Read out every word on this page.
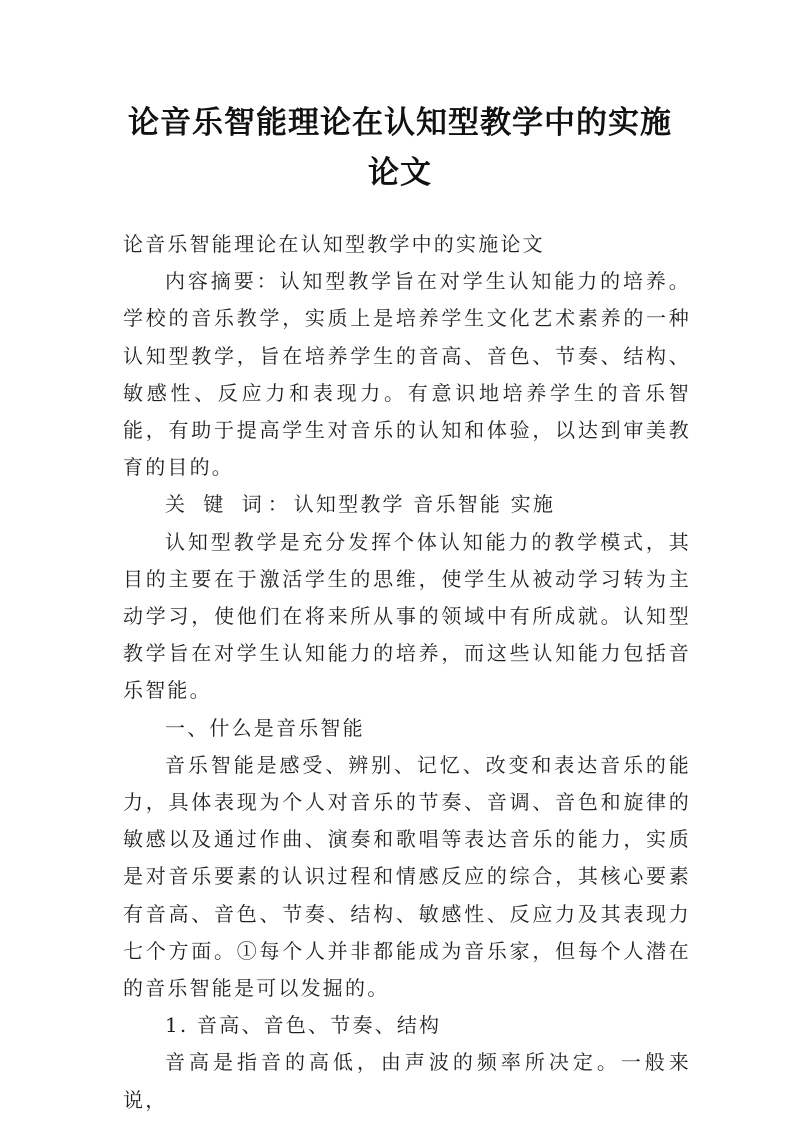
论音乐智能理论在认知型教学中的实施论文

论音乐智能理论在认知型教学中的实施论文

内容摘要：认知型教学旨在对学生认知能力的培养。学校的音乐教学，实质上是培养学生文化艺术素养的一种认知型教学，旨在培养学生的音高、音色、节奏、结构、敏感性、反应力和表现力。有意识地培养学生的音乐智能，有助于提高学生对音乐的认知和体验，以达到审美教育的目的。

关 键 词：认知型教学 音乐智能 实施

认知型教学是充分发挥个体认知能力的教学模式，其目的主要在于激活学生的思维，使学生从被动学习转为主动学习，使他们在将来所从事的领域中有所成就。认知型教学旨在对学生认知能力的培养，而这些认知能力包括音乐智能。

一、什么是音乐智能

音乐智能是感受、辨别、记忆、改变和表达音乐的能力，具体表现为个人对音乐的节奏、音调、音色和旋律的敏感以及通过作曲、演奏和歌唱等表达音乐的能力，实质是对音乐要素的认识过程和情感反应的综合，其核心要素有音高、音色、节奏、结构、敏感性、反应力及其表现力七个方面。①每个人并非都能成为音乐家，但每个人潜在的音乐智能是可以发掘的。

1. 音高、音色、节奏、结构

音高是指音的高低，由声波的频率所决定。一般来说，
